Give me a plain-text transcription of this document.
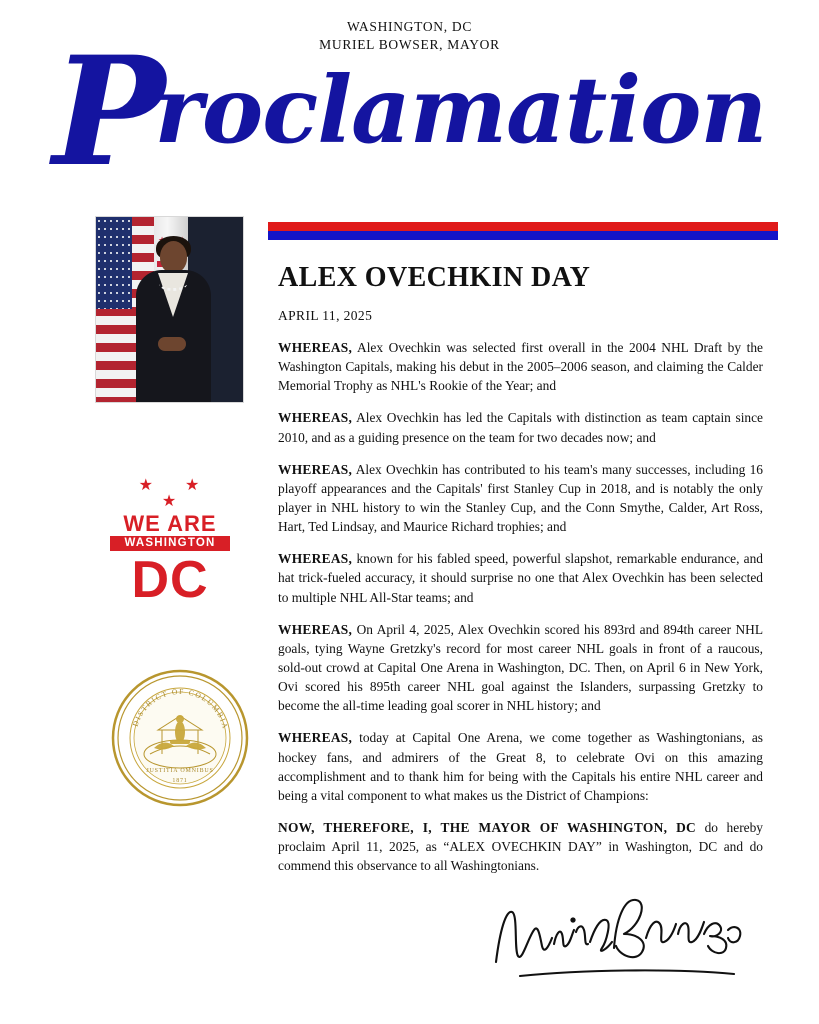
WASHINGTON, DC
MURIEL BOWSER, MAYOR
Proclamation
★ ★ ★
WE ARE
WASHINGTON
DC
DISTRICT OF COLUMBIA
JUSTITIA OMNIBUS
1871
ALEX OVECHKIN DAY
APRIL 11, 2025

WHEREAS, Alex Ovechkin was selected first overall in the 2004 NHL Draft by the Washington Capitals, making his debut in the 2005–2006 season, and claiming the Calder Memorial Trophy as NHL's Rookie of the Year; and

WHEREAS, Alex Ovechkin has led the Capitals with distinction as team captain since 2010, and as a guiding presence on the team for two decades now; and

WHEREAS, Alex Ovechkin has contributed to his team's many successes, including 16 playoff appearances and the Capitals' first Stanley Cup in 2018, and is notably the only player in NHL history to win the Stanley Cup, and the Conn Smythe, Calder, Art Ross, Hart, Ted Lindsay, and Maurice Richard trophies; and

WHEREAS, known for his fabled speed, powerful slapshot, remarkable endurance, and hat trick-fueled accuracy, it should surprise no one that Alex Ovechkin has been selected to multiple NHL All-Star teams; and

WHEREAS, On April 4, 2025, Alex Ovechkin scored his 893rd and 894th career NHL goals, tying Wayne Gretzky's record for most career NHL goals in front of a raucous, sold-out crowd at Capital One Arena in Washington, DC. Then, on April 6 in New York, Ovi scored his 895th career NHL goal against the Islanders, surpassing Gretzky to become the all-time leading goal scorer in NHL history; and

WHEREAS, today at Capital One Arena, we come together as Washingtonians, as hockey fans, and admirers of the Great 8, to celebrate Ovi on this amazing accomplishment and to thank him for being with the Capitals his entire NHL career and being a vital component to what makes us the District of Champions:

NOW, THEREFORE, I, THE MAYOR OF WASHINGTON, DC do hereby proclaim April 11, 2025, as “ALEX OVECHKIN DAY” in Washington, DC and do commend this observance to all Washingtonians.
